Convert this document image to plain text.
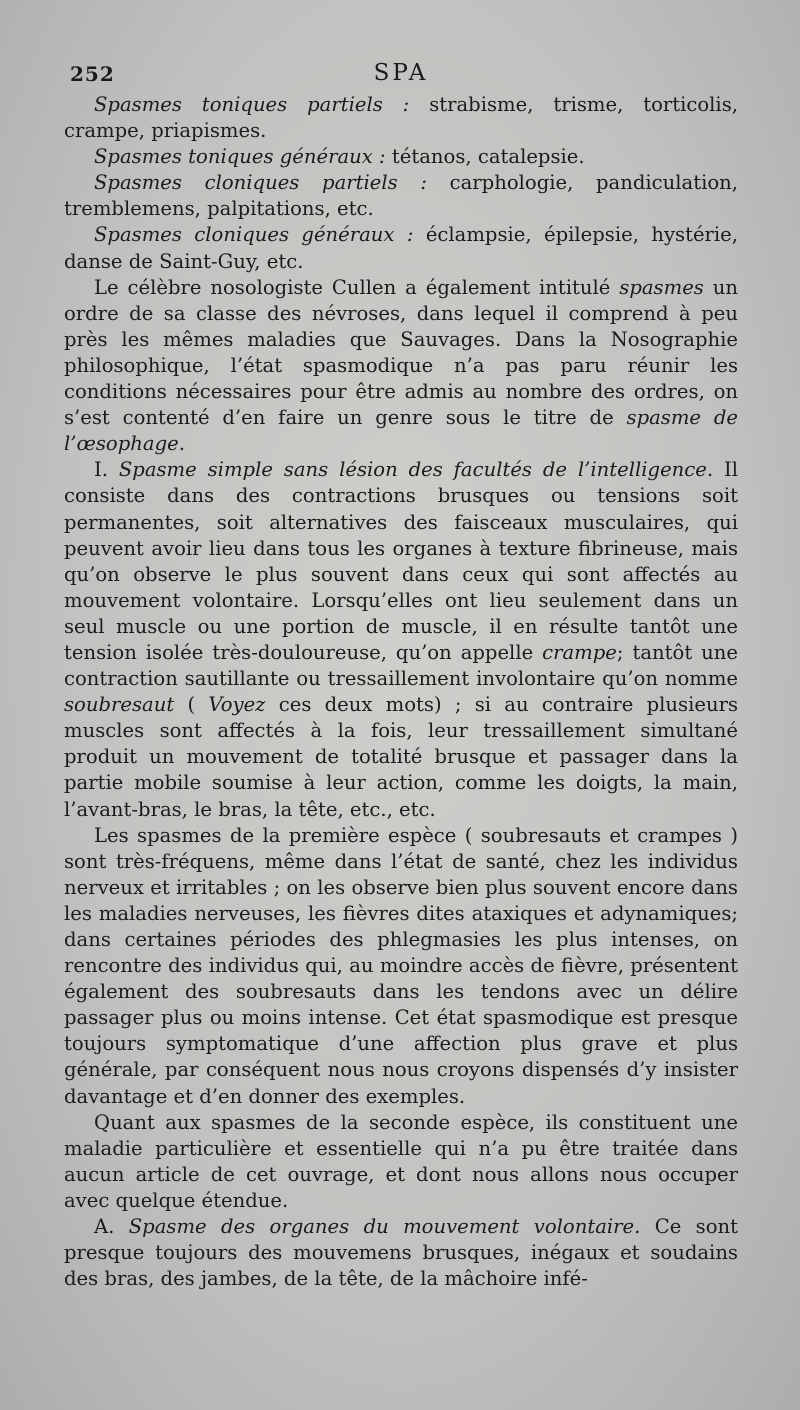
252	SPA

Spasmes toniques partiels : strabisme, trisme, torticolis, crampe, priapismes.

Spasmes toniques généraux : tétanos, catalepsie.

Spasmes cloniques partiels : carphologie, pandiculation, tremblemens, palpitations, etc.

Spasmes cloniques généraux : éclampsie, épilepsie, hystérie, danse de Saint-Guy, etc.

Le célèbre nosologiste Cullen a également intitulé spasmes un ordre de sa classe des névroses, dans lequel il comprend à peu près les mêmes maladies que Sauvages. Dans la Nosographie philosophique, l’état spasmodique n’a pas paru réunir les conditions nécessaires pour être admis au nombre des ordres, on s’est contenté d’en faire un genre sous le titre de spasme de l’œsophage.

I. Spasme simple sans lésion des facultés de l’intelligence. Il consiste dans des contractions brusques ou tensions soit permanentes, soit alternatives des faisceaux musculaires, qui peuvent avoir lieu dans tous les organes à texture fibrineuse, mais qu’on observe le plus souvent dans ceux qui sont affectés au mouvement volontaire. Lorsqu’elles ont lieu seulement dans un seul muscle ou une portion de muscle, il en résulte tantôt une tension isolée très-douloureuse, qu’on appelle crampe; tantôt une contraction sautillante ou tressaillement involontaire qu’on nomme soubresaut ( Voyez ces deux mots) ; si au contraire plusieurs muscles sont affectés à la fois, leur tressaillement simultané produit un mouvement de totalité brusque et passager dans la partie mobile soumise à leur action, comme les doigts, la main, l’avant-bras, le bras, la tête, etc., etc.

Les spasmes de la première espèce ( soubresauts et crampes ) sont très-fréquens, même dans l’état de santé, chez les individus nerveux et irritables ; on les observe bien plus souvent encore dans les maladies nerveuses, les fièvres dites ataxiques et adynamiques; dans certaines périodes des phlegmasies les plus intenses, on rencontre des individus qui, au moindre accès de fièvre, présentent également des soubresauts dans les tendons avec un délire passager plus ou moins intense. Cet état spasmodique est presque toujours symptomatique d’une affection plus grave et plus générale, par conséquent nous nous croyons dispensés d’y insister davantage et d’en donner des exemples.

Quant aux spasmes de la seconde espèce, ils constituent une maladie particulière et essentielle qui n’a pu être traitée dans aucun article de cet ouvrage, et dont nous allons nous occuper avec quelque étendue.

A. Spasme des organes du mouvement volontaire. Ce sont presque toujours des mouvemens brusques, inégaux et soudains des bras, des jambes, de la tête, de la mâchoire infé-
